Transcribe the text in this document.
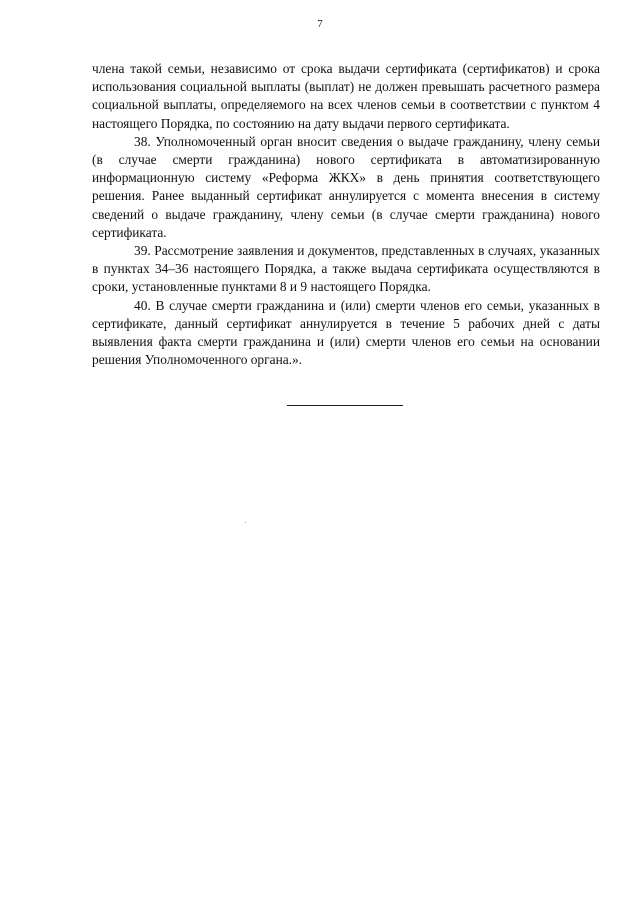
7

члена такой семьи, независимо от срока выдачи сертификата (сертификатов) и срока использования социальной выплаты (выплат) не должен превышать расчетного размера социальной выплаты, определяемого на всех членов семьи в соответствии с пунктом 4 настоящего Порядка, по состоянию на дату выдачи первого сертификата.

38. Уполномоченный орган вносит сведения о выдаче гражданину, члену семьи (в случае смерти гражданина) нового сертификата в автоматизированную информационную систему «Реформа ЖКХ» в день принятия соответствующего решения. Ранее выданный сертификат аннулируется с момента внесения в систему сведений о выдаче гражданину, члену семьи (в случае смерти гражданина) нового сертификата.

39. Рассмотрение заявления и документов, представленных в случаях, указанных в пунктах 34–36 настоящего Порядка, а также выдача сертификата осуществляются в сроки, установленные пунктами 8 и 9 настоящего Порядка.

40. В случае смерти гражданина и (или) смерти членов его семьи, указанных в сертификате, данный сертификат аннулируется в течение 5 рабочих дней с даты выявления факта смерти гражданина и (или) смерти членов его семьи на основании решения Уполномоченного органа.».
